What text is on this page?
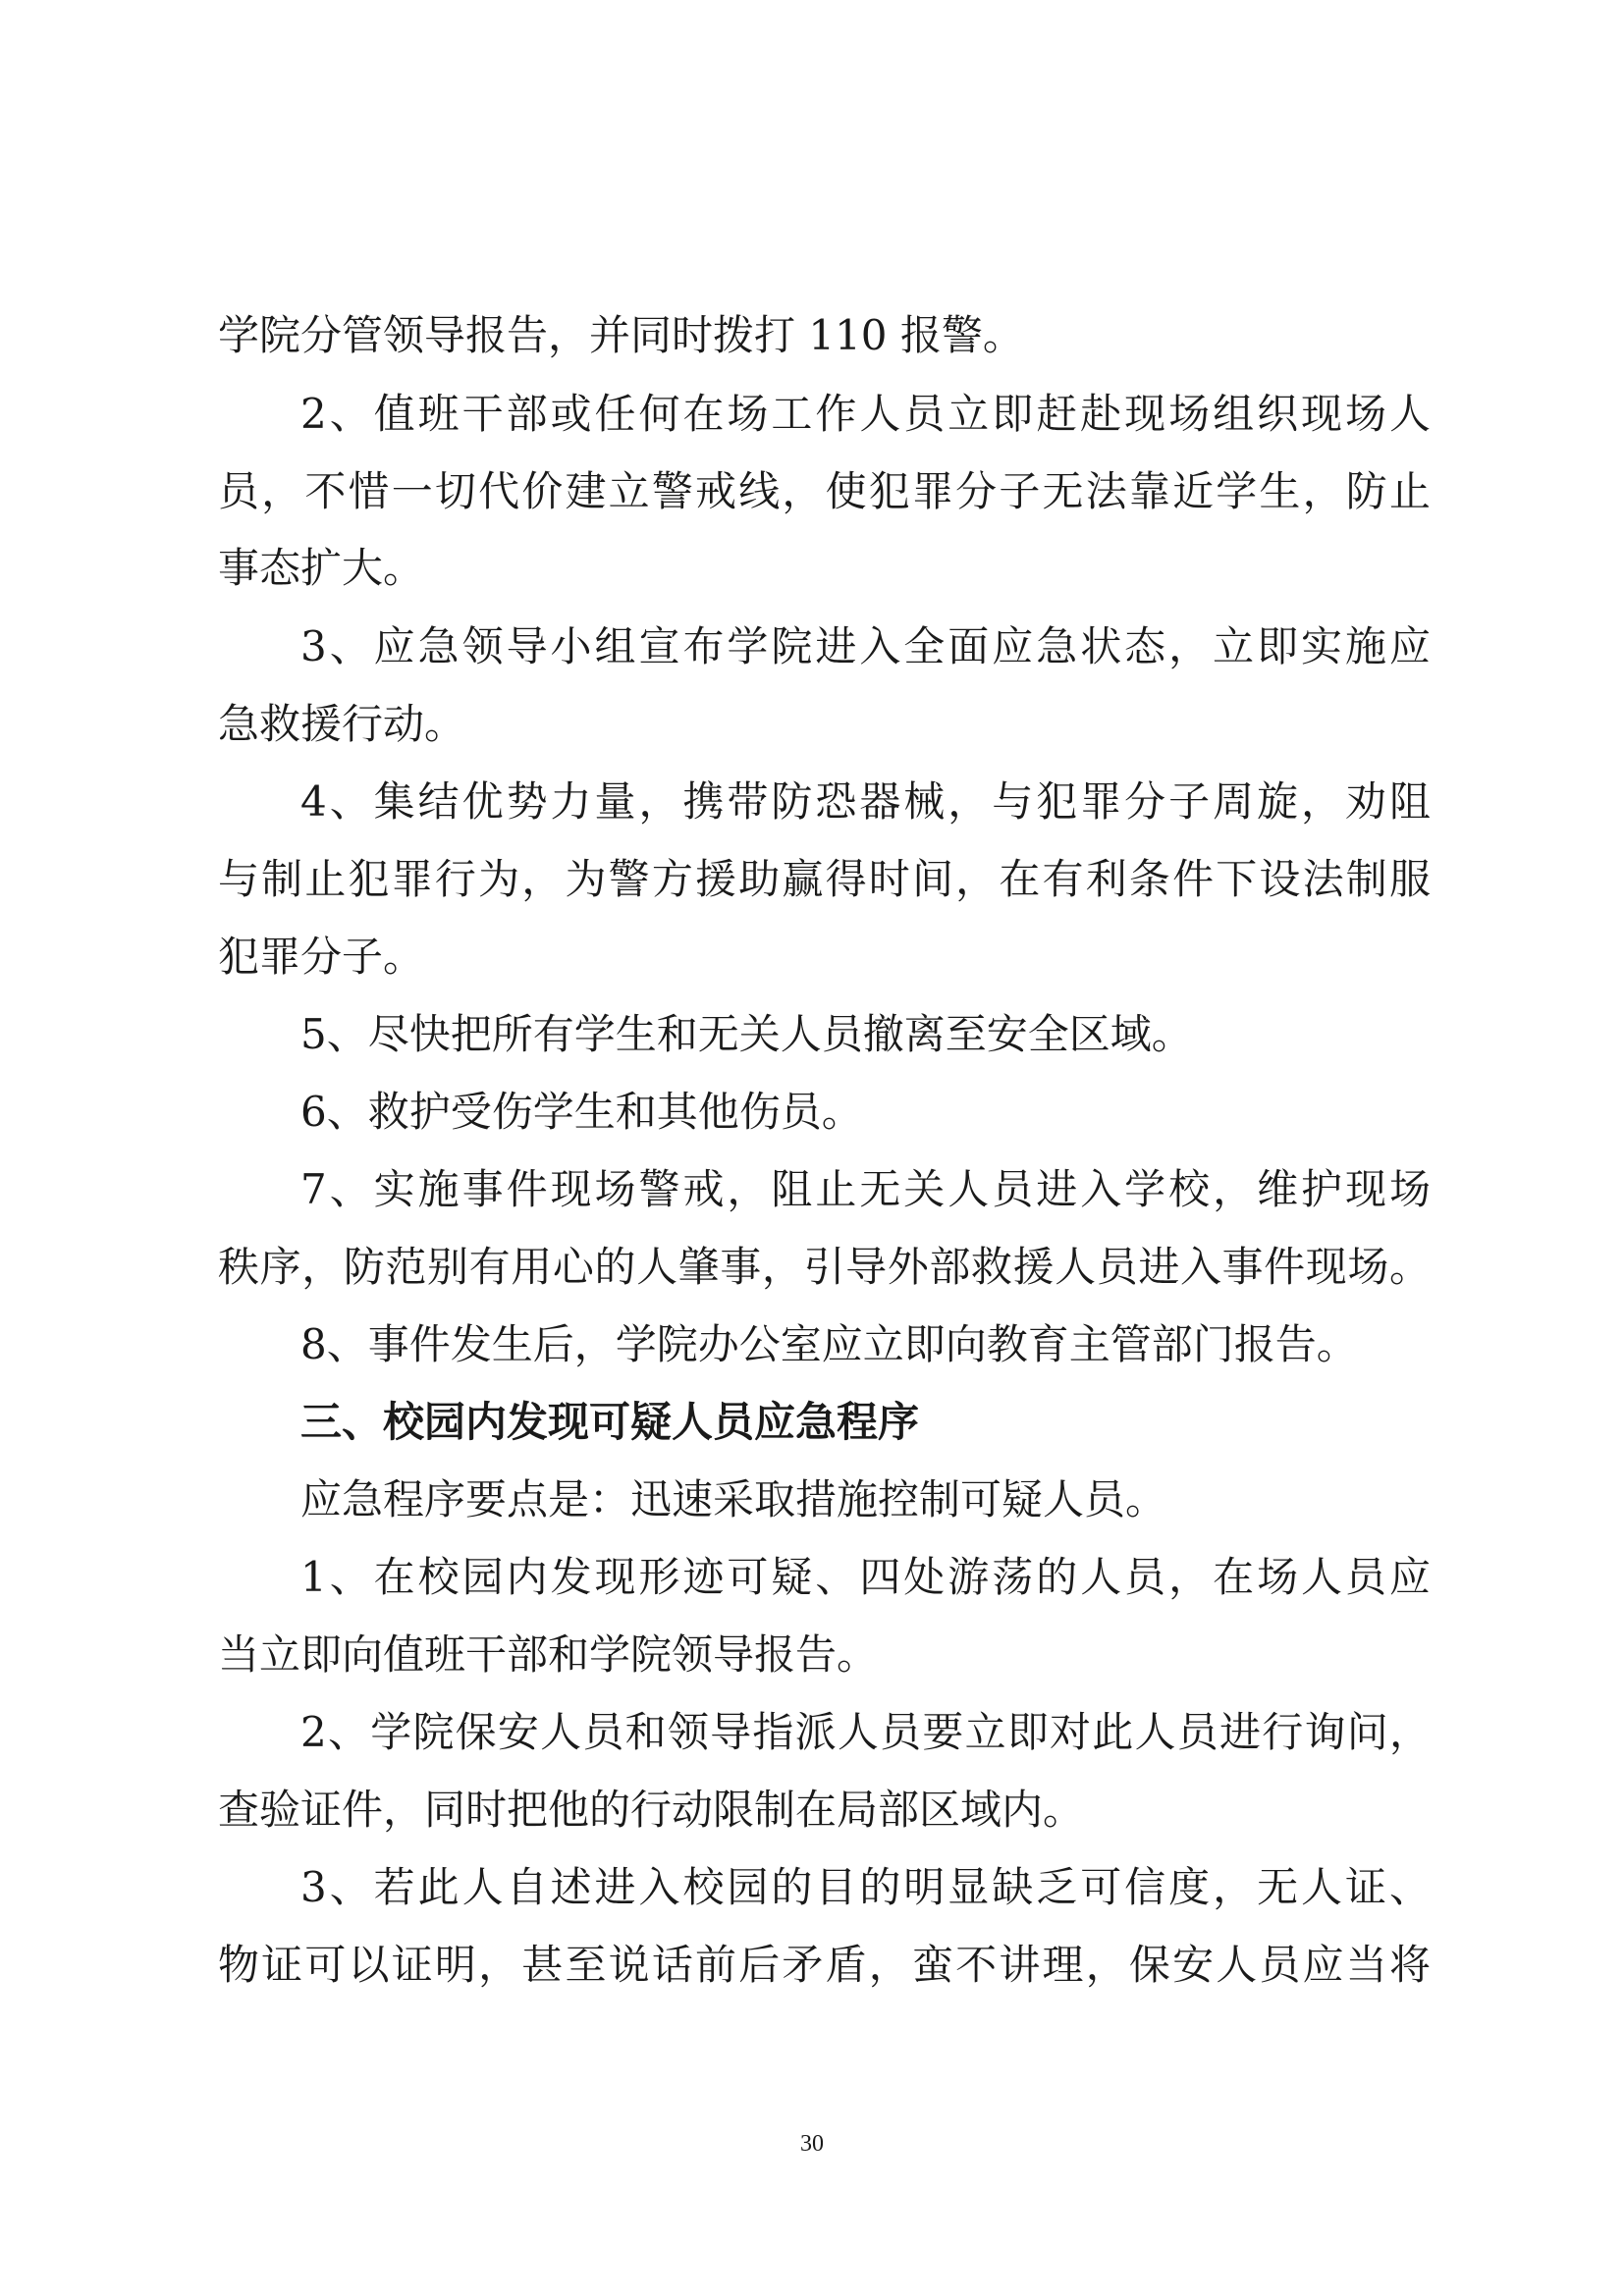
学院分管领导报告，并同时拨打 110 报警。
2、值班干部或任何在场工作人员立即赶赴现场组织现场人
员，不惜一切代价建立警戒线，使犯罪分子无法靠近学生，防止
事态扩大。
3、应急领导小组宣布学院进入全面应急状态，立即实施应
急救援行动。
4、集结优势力量，携带防恐器械，与犯罪分子周旋，劝阻
与制止犯罪行为，为警方援助赢得时间，在有利条件下设法制服
犯罪分子。
5、尽快把所有学生和无关人员撤离至安全区域。
6、救护受伤学生和其他伤员。
7、实施事件现场警戒，阻止无关人员进入学校，维护现场
秩序，防范别有用心的人肇事，引导外部救援人员进入事件现场。
8、事件发生后，学院办公室应立即向教育主管部门报告。
三、校园内发现可疑人员应急程序
应急程序要点是：迅速采取措施控制可疑人员。
1、在校园内发现形迹可疑、四处游荡的人员，在场人员应
当立即向值班干部和学院领导报告。
2、学院保安人员和领导指派人员要立即对此人员进行询问，
查验证件，同时把他的行动限制在局部区域内。
3、若此人自述进入校园的目的明显缺乏可信度，无人证、
物证可以证明，甚至说话前后矛盾，蛮不讲理，保安人员应当将
30
